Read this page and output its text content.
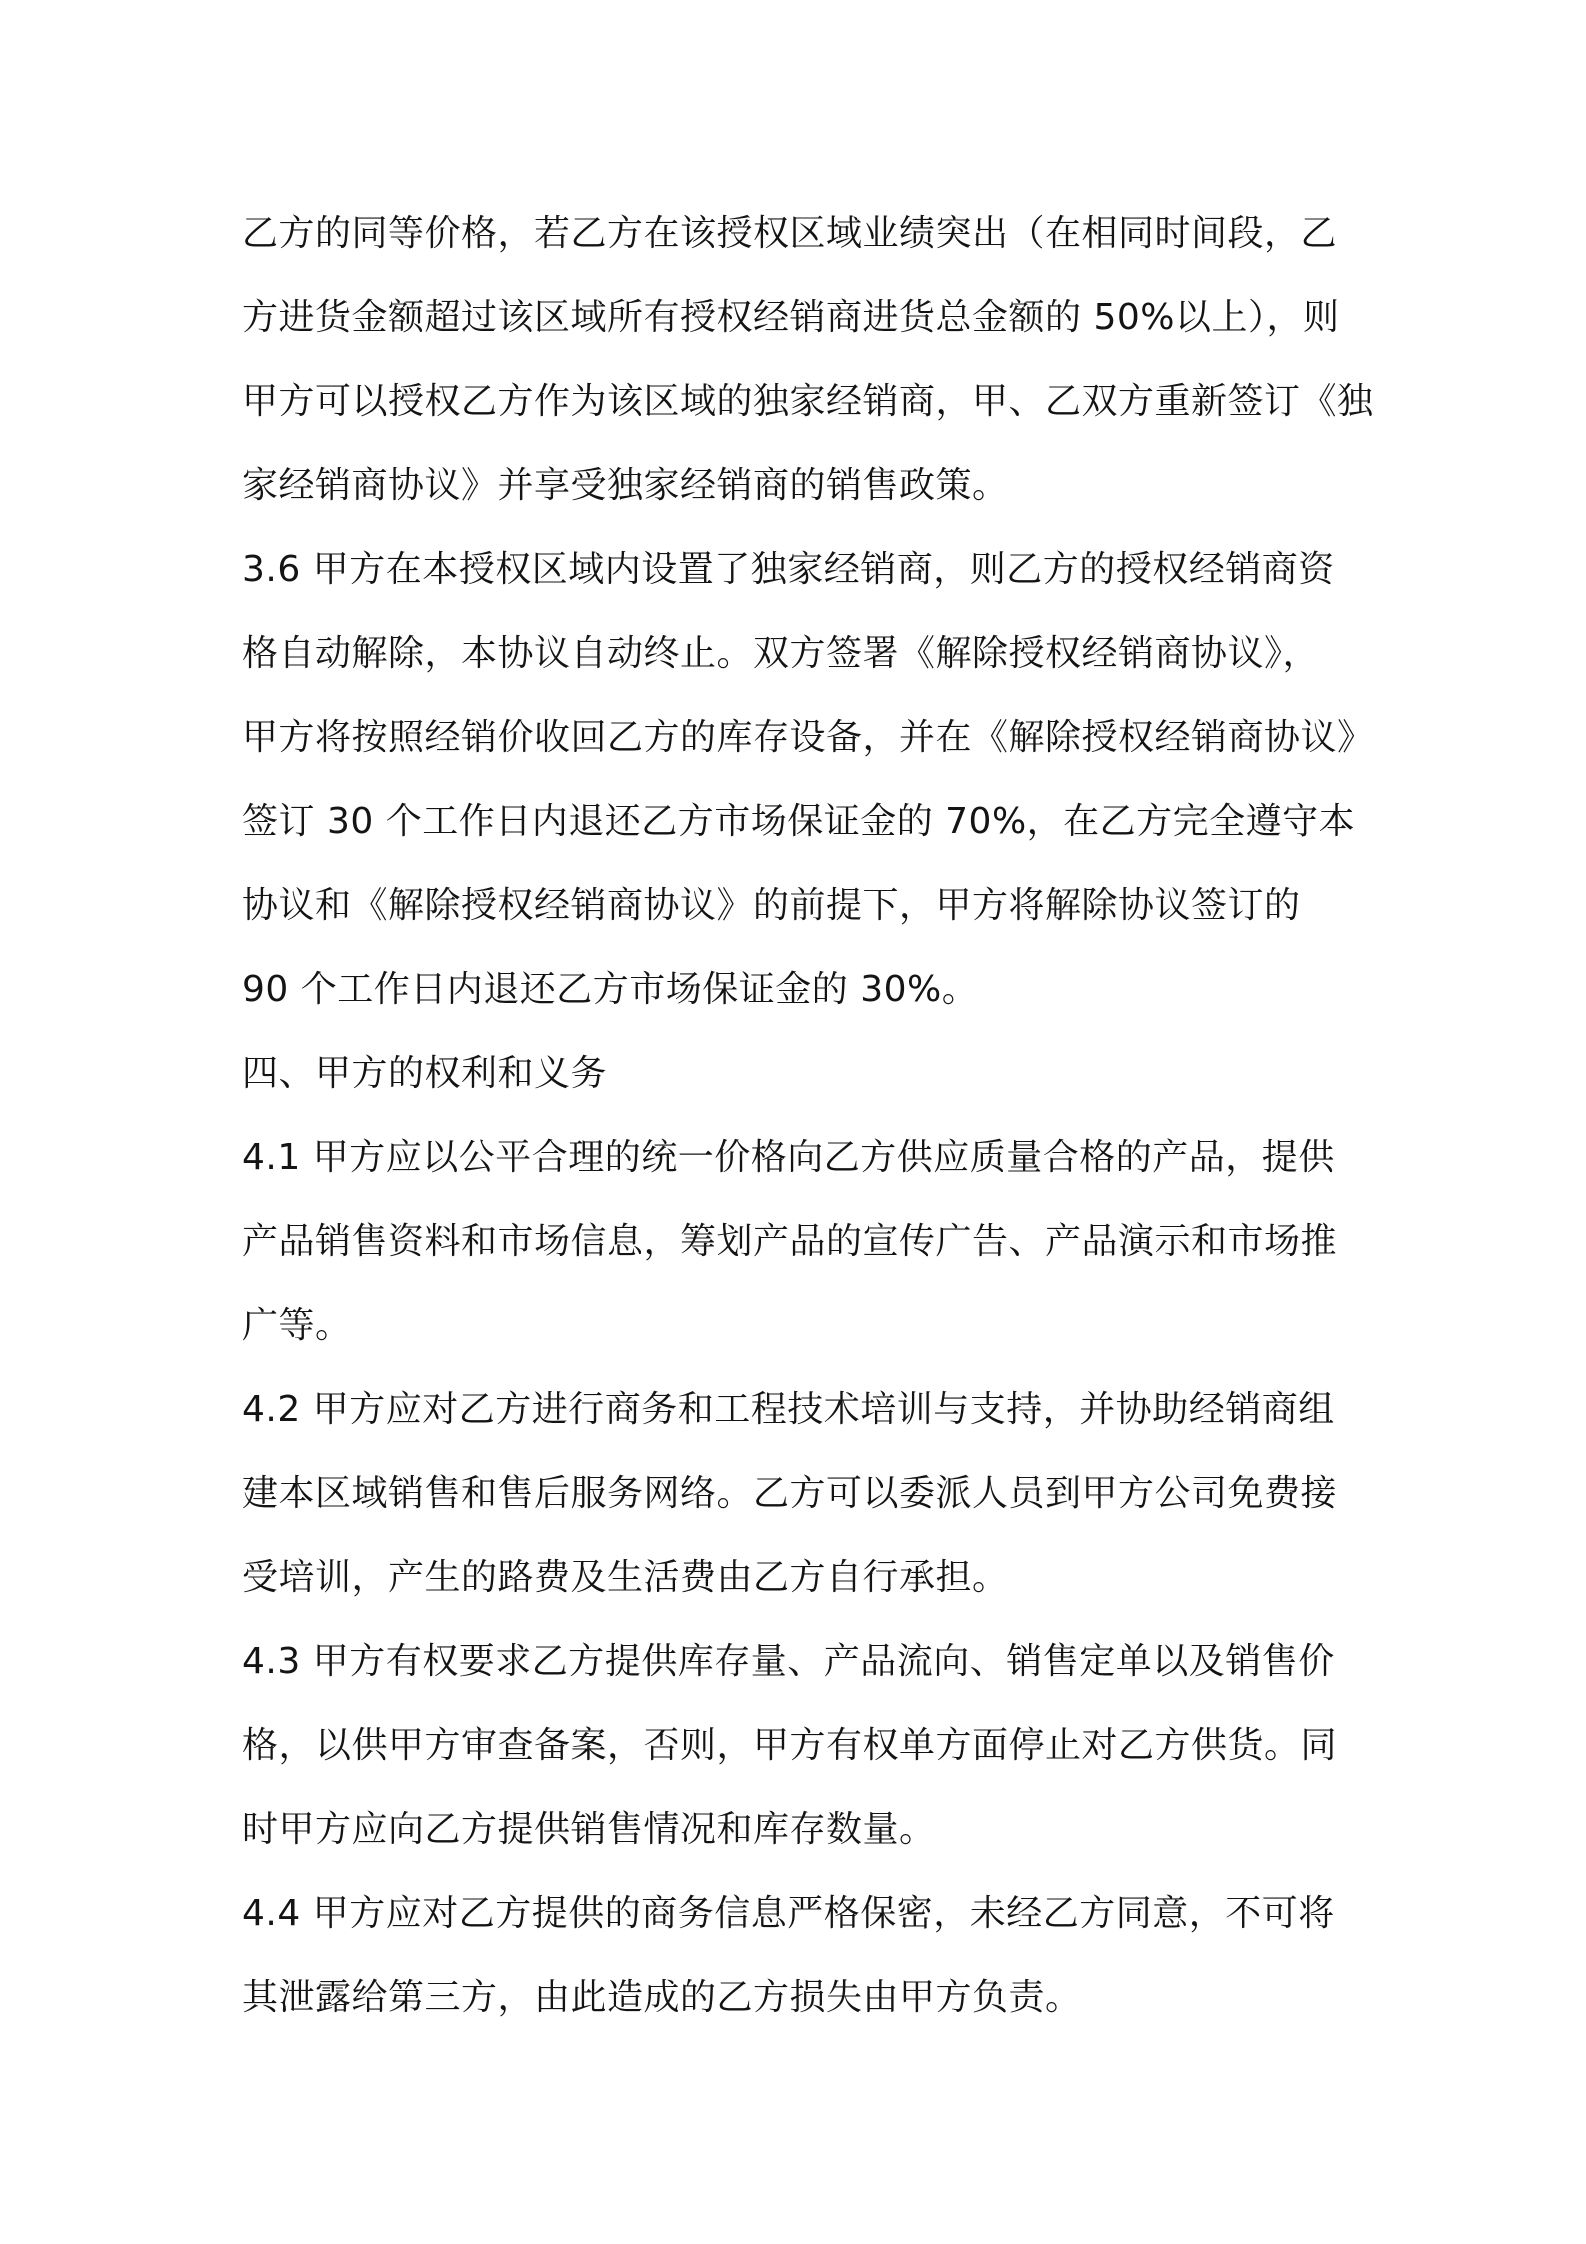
乙方的同等价格，若乙方在该授权区域业绩突出（在相同时间段，乙
方进货金额超过该区域所有授权经销商进货总金额的 50%以上），则
甲方可以授权乙方作为该区域的独家经销商，甲、乙双方重新签订《独
家经销商协议》并享受独家经销商的销售政策。
3.6 甲方在本授权区域内设置了独家经销商，则乙方的授权经销商资
格自动解除，本协议自动终止。双方签署《解除授权经销商协议》，
甲方将按照经销价收回乙方的库存设备，并在《解除授权经销商协议》
签订 30 个工作日内退还乙方市场保证金的 70%，在乙方完全遵守本
协议和《解除授权经销商协议》的前提下，甲方将解除协议签订的
90 个工作日内退还乙方市场保证金的 30%。
四、甲方的权利和义务
4.1 甲方应以公平合理的统一价格向乙方供应质量合格的产品，提供
产品销售资料和市场信息，筹划产品的宣传广告、产品演示和市场推
广等。
4.2 甲方应对乙方进行商务和工程技术培训与支持，并协助经销商组
建本区域销售和售后服务网络。乙方可以委派人员到甲方公司免费接
受培训，产生的路费及生活费由乙方自行承担。
4.3 甲方有权要求乙方提供库存量、产品流向、销售定单以及销售价
格，以供甲方审查备案，否则，甲方有权单方面停止对乙方供货。同
时甲方应向乙方提供销售情况和库存数量。
4.4 甲方应对乙方提供的商务信息严格保密，未经乙方同意，不可将
其泄露给第三方，由此造成的乙方损失由甲方负责。
